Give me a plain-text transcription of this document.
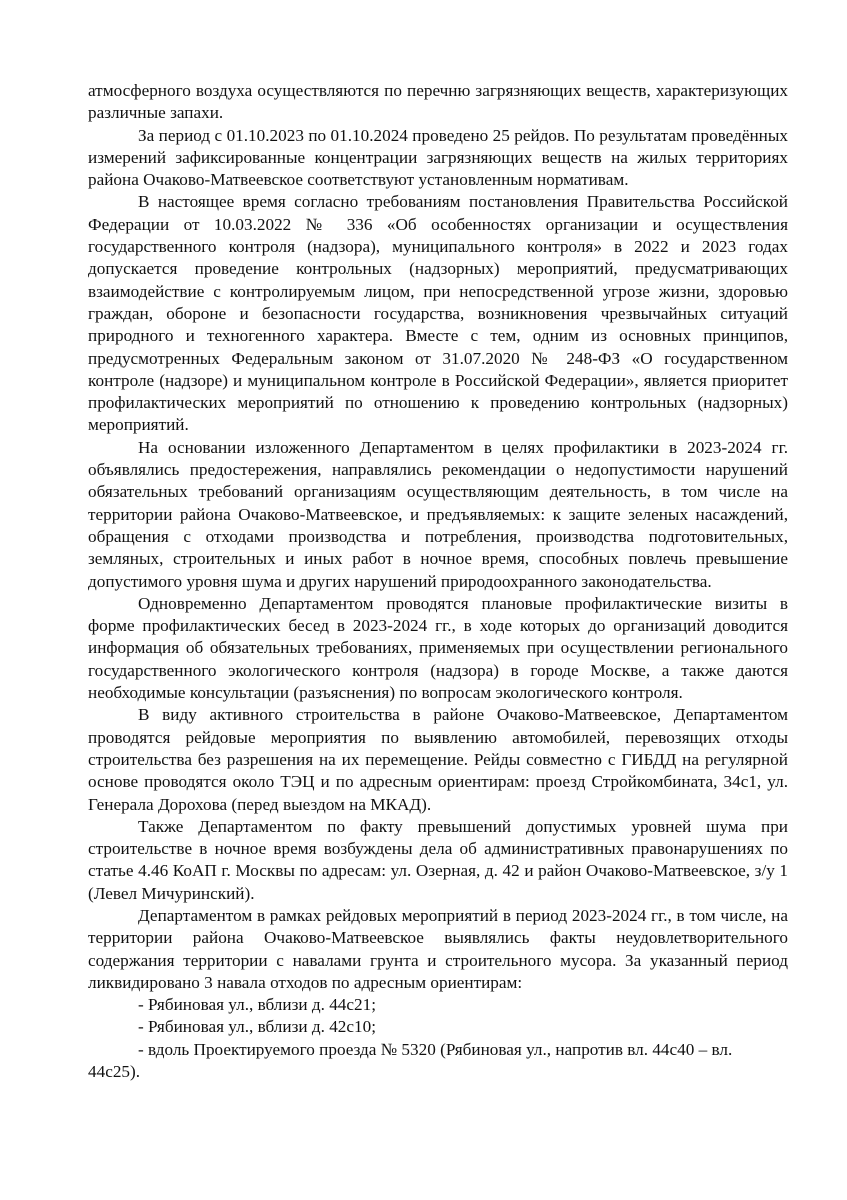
атмосферного воздуха осуществляются по перечню загрязняющих веществ, характеризующих различные запахи.

За период с 01.10.2023 по 01.10.2024 проведено 25 рейдов. По результатам проведённых измерений зафиксированные концентрации загрязняющих веществ на жилых территориях района Очаково-Матвеевское соответствуют установленным нормативам.

В настоящее время согласно требованиям постановления Правительства Российской Федерации от 10.03.2022 № 336 «Об особенностях организации и осуществления государственного контроля (надзора), муниципального контроля» в 2022 и 2023 годах допускается проведение контрольных (надзорных) мероприятий, предусматривающих взаимодействие с контролируемым лицом, при непосредственной угрозе жизни, здоровью граждан, обороне и безопасности государства, возникновения чрезвычайных ситуаций природного и техногенного характера. Вместе с тем, одним из основных принципов, предусмотренных Федеральным законом от 31.07.2020 № 248-ФЗ «О государственном контроле (надзоре) и муниципальном контроле в Российской Федерации», является приоритет профилактических мероприятий по отношению к проведению контрольных (надзорных) мероприятий.

На основании изложенного Департаментом в целях профилактики в 2023-2024 гг. объявлялись предостережения, направлялись рекомендации о недопустимости нарушений обязательных требований организациям осуществляющим деятельность, в том числе на территории района Очаково-Матвеевское, и предъявляемых: к защите зеленых насаждений, обращения с отходами производства и потребления, производства подготовительных, земляных, строительных и иных работ в ночное время, способных повлечь превышение допустимого уровня шума и других нарушений природоохранного законодательства.

Одновременно Департаментом проводятся плановые профилактические визиты в форме профилактических бесед в 2023-2024 гг., в ходе которых до организаций доводится информация об обязательных требованиях, применяемых при осуществлении регионального государственного экологического контроля (надзора) в городе Москве, а также даются необходимые консультации (разъяснения) по вопросам экологического контроля.

В виду активного строительства в районе Очаково-Матвеевское, Департаментом проводятся рейдовые мероприятия по выявлению автомобилей, перевозящих отходы строительства без разрешения на их перемещение. Рейды совместно с ГИБДД на регулярной основе проводятся около ТЭЦ и по адресным ориентирам: проезд Стройкомбината, 34с1, ул. Генерала Дорохова (перед выездом на МКАД).

Также Департаментом по факту превышений допустимых уровней шума при строительстве в ночное время возбуждены дела об административных правонарушениях по статье 4.46 КоАП г. Москвы по адресам: ул. Озерная, д. 42 и район Очаково-Матвеевское, з/у 1 (Левел Мичуринский).

Департаментом в рамках рейдовых мероприятий в период 2023-2024 гг., в том числе, на территории района Очаково-Матвеевское выявлялись факты неудовлетворительного содержания территории с навалами грунта и строительного мусора. За указанный период ликвидировано 3 навала отходов по адресным ориентирам:

- Рябиновая ул., вблизи д. 44с21;

- Рябиновая ул., вблизи д. 42с10;

- вдоль Проектируемого проезда № 5320 (Рябиновая ул., напротив вл. 44с40 – вл. 44с25).
